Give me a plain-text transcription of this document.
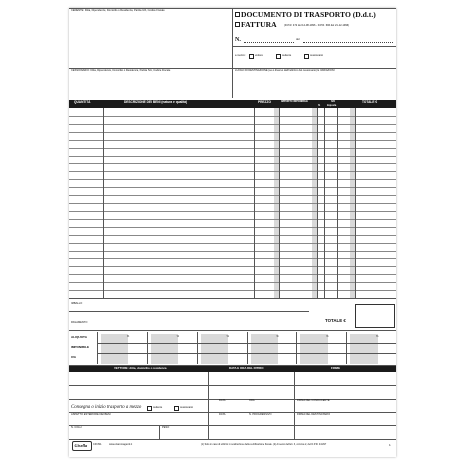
CEDENTE: Ditta, Dipendenze, Domicilio o Residenza, Partita IVA, Codice Fiscale	DOCUMENTO DI TRASPORTO (D.d.t.)
FATTURA	(D.P.R. 472 del 14-08-1996 - D.P.R. 696 del 21-12-1996)
N.	del
a mezzo:	vettore	cedente	cessionario
CESSIONARIO: Ditta, Dipendenze, Domicilio o Residenza, Partita IVA, Codice Fiscale	LUOGO DI DESTINAZIONE (se è diverso dall'indirizzo del cessionario) E VARIAZIONI
QUANTITÀ	DESCRIZIONE DEI BENI (natura e qualità)	PREZZO	IMPORTO IMPONIBILE	IVA
%	Imposta
TOTALE €
IMBALLO
PAGAMENTO	TOTALE €
ALIQUOTA
IMPONIBILE
IVA
%	%	%	%	%	%
VETTORE: ditta, domicilio o residenza	DATA E ORA DEL RITIRO	FIRME
DATA	ORA
Consegna o inizio trasporto a mezzo	cedente	cessionario
FIRMA DEL CONDUCENTE
ASPETTO ESTERIORE DEI BENI	DATA	N. PROGRESSIVO	FIRMA DEL DESTINATARIO
N. COLLI	PESO
Gisella CR 811	www.ciaromagenti.it	(1) Solo in caso di utilizzo in sostituzione della certificazione fiscale. (2) Ai sensi dell'art. 3, comma 2, del D.P.R. 441/97	1
